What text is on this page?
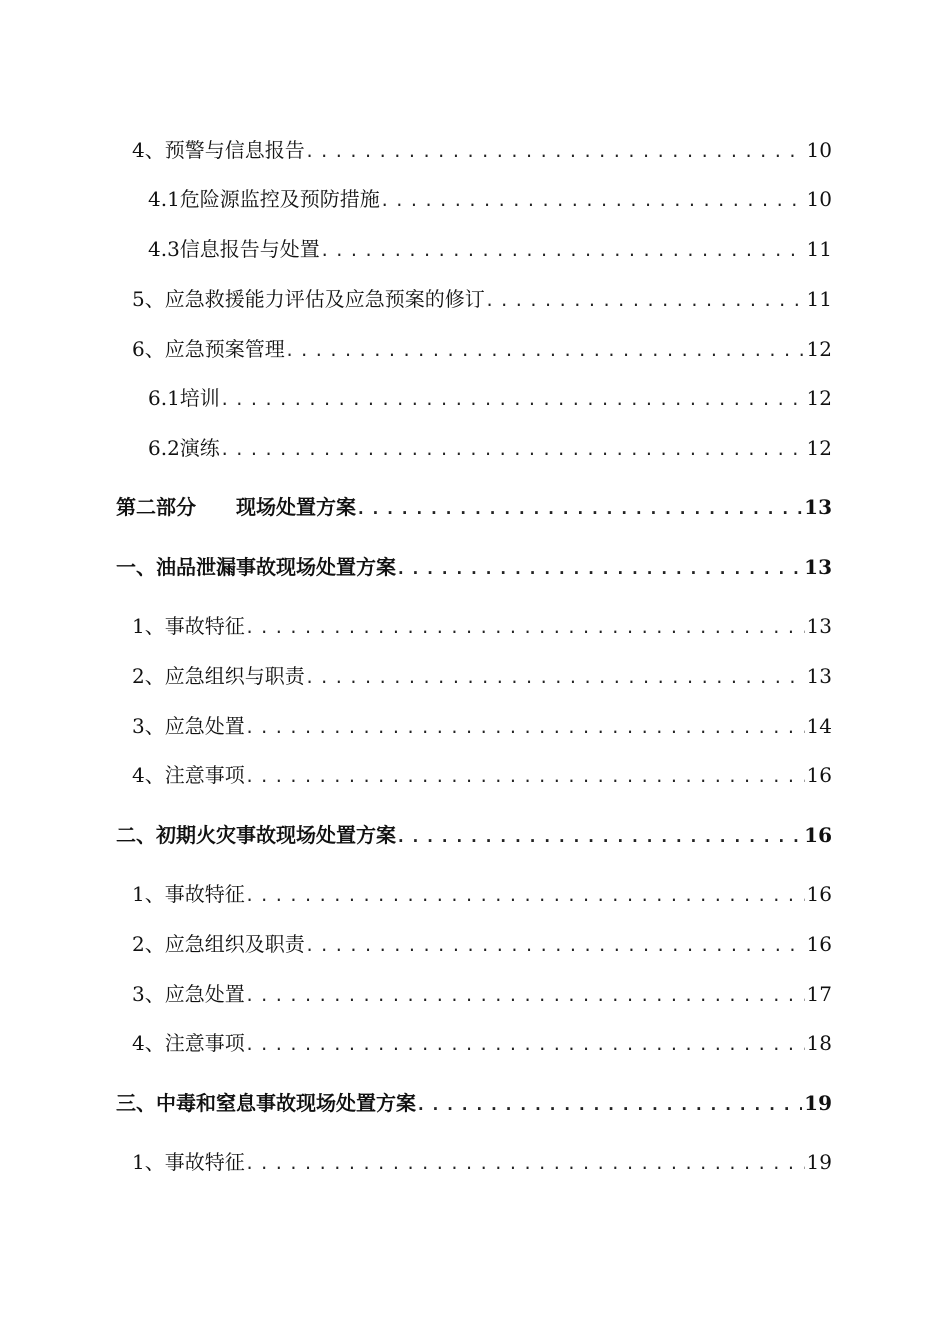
4、预警与信息报告 .....	10
4.1危险源监控及预防措施 .....	10
4.3信息报告与处置 .....	11
5、应急救援能力评估及应急预案的修订 .....	11
6、应急预案管理 .....	12
6.1培训 .....	12
6.2演练 .....	12
第二部分　　现场处置方案 .....	13
一、油品泄漏事故现场处置方案 .....	13
1、事故特征 .....	13
2、应急组织与职责 .....	13
3、应急处置 .....	14
4、注意事项 .....	16
二、初期火灾事故现场处置方案 .....	16
1、事故特征 .....	16
2、应急组织及职责 .....	16
3、应急处置 .....	17
4、注意事项 .....	18
三、中毒和窒息事故现场处置方案 .....	19
1、事故特征 .....	19
